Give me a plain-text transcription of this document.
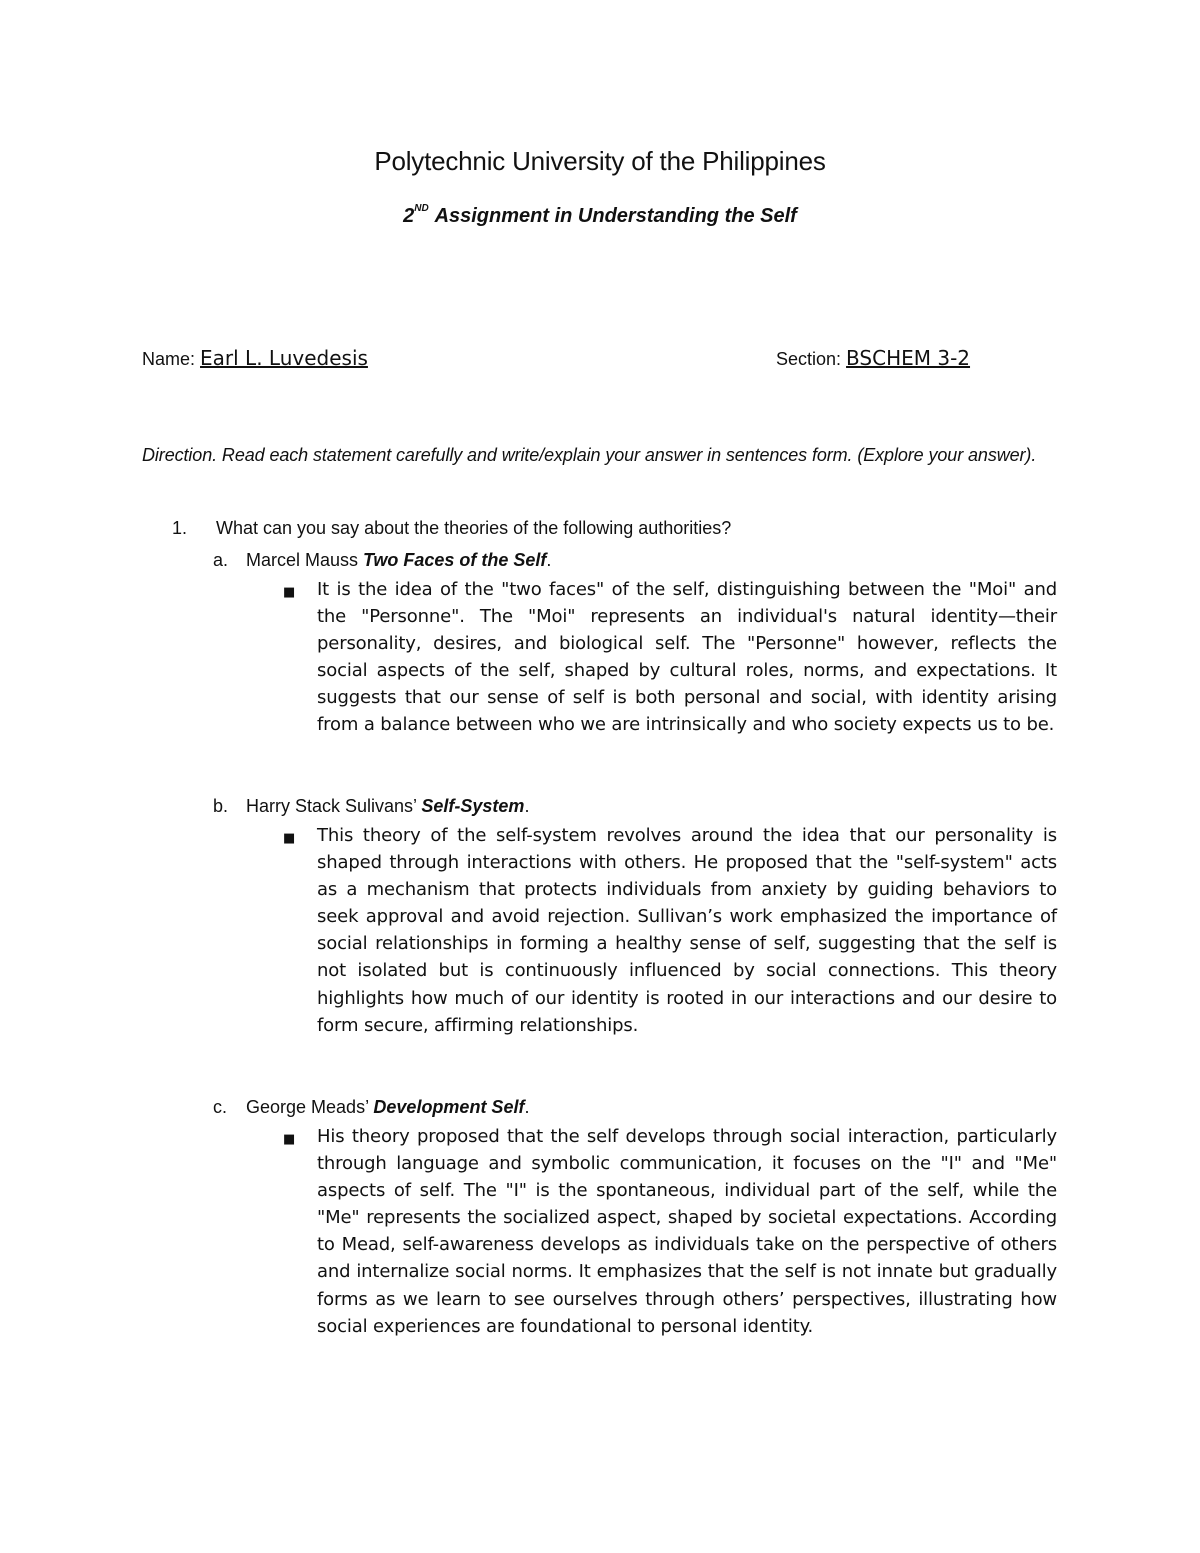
Polytechnic University of the Philippines
2ND Assignment in Understanding the Self
Name: Earl L. Luvedesis	Section: BSCHEM 3-2
Direction. Read each statement carefully and write/explain your answer in sentences form. (Explore your answer).
1. What can you say about the theories of the following authorities?
a. Marcel Mauss Two Faces of the Self.
■ It is the idea of the "two faces" of the self, distinguishing between the "Moi" and the "Personne". The "Moi" represents an individual's natural identity—their personality, desires, and biological self. The "Personne" however, reflects the social aspects of the self, shaped by cultural roles, norms, and expectations. It suggests that our sense of self is both personal and social, with identity arising from a balance between who we are intrinsically and who society expects us to be.

b. Harry Stack Sulivans’ Self-System.
■ This theory of the self-system revolves around the idea that our personality is shaped through interactions with others. He proposed that the "self-system" acts as a mechanism that protects individuals from anxiety by guiding behaviors to seek approval and avoid rejection. Sullivan’s work emphasized the importance of social relationships in forming a healthy sense of self, suggesting that the self is not isolated but is continuously influenced by social connections. This theory highlights how much of our identity is rooted in our interactions and our desire to form secure, affirming relationships.

c. George Meads’ Development Self.
■ His theory proposed that the self develops through social interaction, particularly through language and symbolic communication, it focuses on the "I" and "Me" aspects of self. The "I" is the spontaneous, individual part of the self, while the "Me" represents the socialized aspect, shaped by societal expectations. According to Mead, self-awareness develops as individuals take on the perspective of others and internalize social norms. It emphasizes that the self is not innate but gradually forms as we learn to see ourselves through others’ perspectives, illustrating how social experiences are foundational to personal identity.
